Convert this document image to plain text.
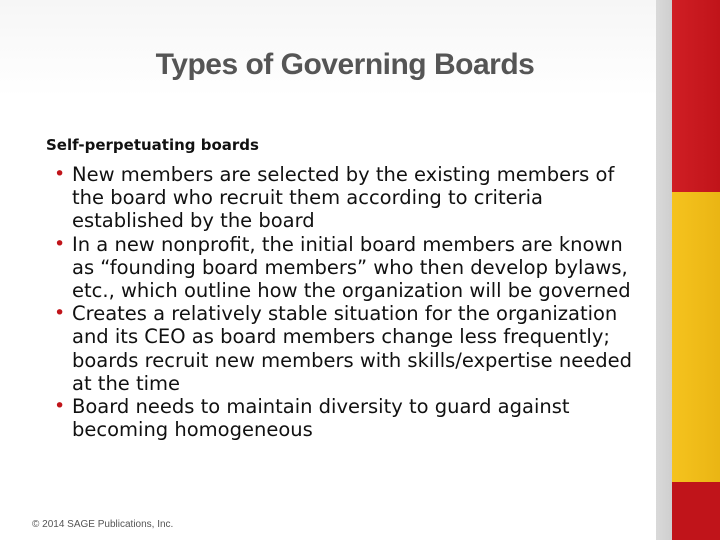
Types of Governing Boards
Self-perpetuating boards
• New members are selected by the existing members of the board who recruit them according to criteria established by the board
• In a new nonprofit, the initial board members are known as “founding board members” who then develop bylaws, etc., which outline how the organization will be governed
• Creates a relatively stable situation for the organization and its CEO as board members change less frequently; boards recruit new members with skills/expertise needed at the time
• Board needs to maintain diversity to guard against becoming homogeneous
© 2014 SAGE Publications, Inc.
